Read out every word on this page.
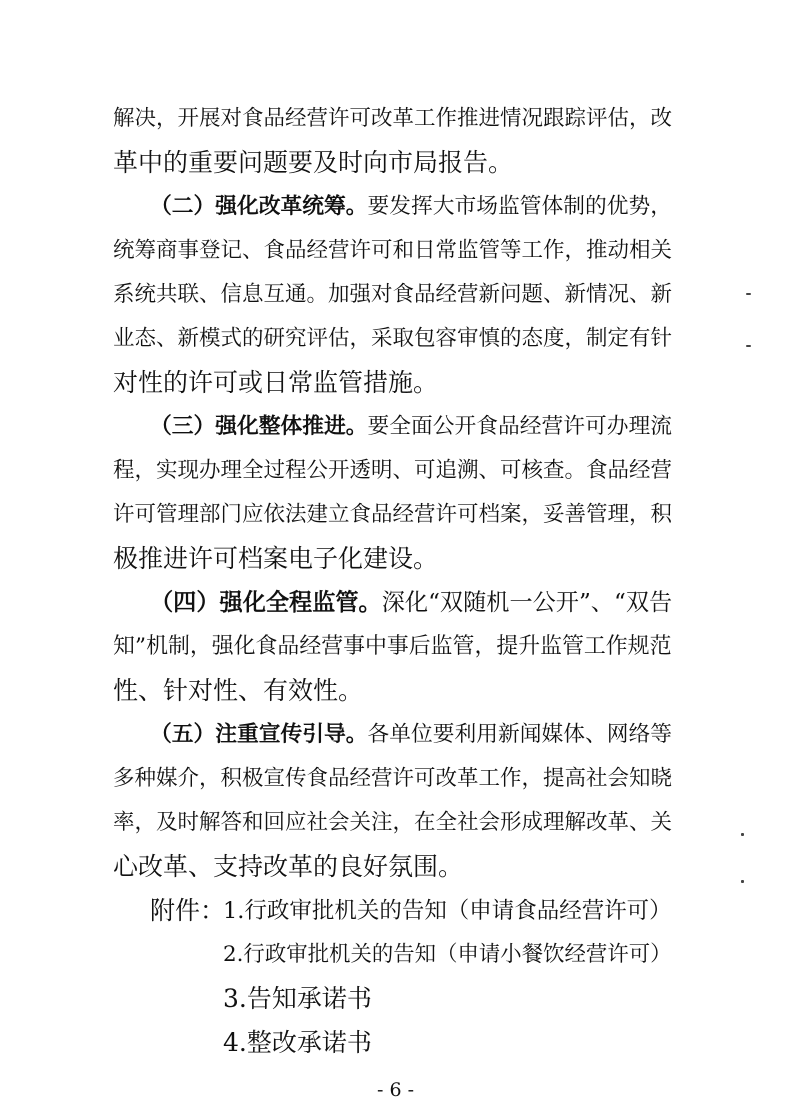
解决，开展对食品经营许可改革工作推进情况跟踪评估，改
革中的重要问题要及时向市局报告。
（二）强化改革统筹。要发挥大市场监管体制的优势，
统筹商事登记、食品经营许可和日常监管等工作，推动相关
系统共联、信息互通。加强对食品经营新问题、新情况、新
业态、新模式的研究评估，采取包容审慎的态度，制定有针
对性的许可或日常监管措施。
（三）强化整体推进。要全面公开食品经营许可办理流
程，实现办理全过程公开透明、可追溯、可核查。食品经营
许可管理部门应依法建立食品经营许可档案，妥善管理，积
极推进许可档案电子化建设。
（四）强化全程监管。深化“双随机一公开”、“双告
知”机制，强化食品经营事中事后监管，提升监管工作规范
性、针对性、有效性。
（五）注重宣传引导。各单位要利用新闻媒体、网络等
多种媒介，积极宣传食品经营许可改革工作，提高社会知晓
率，及时解答和回应社会关注，在全社会形成理解改革、关
心改革、支持改革的良好氛围。
附件：
1.行政审批机关的告知（申请食品经营许可）
2.行政审批机关的告知（申请小餐饮经营许可）
3.告知承诺书
4.整改承诺书
- 6 -
